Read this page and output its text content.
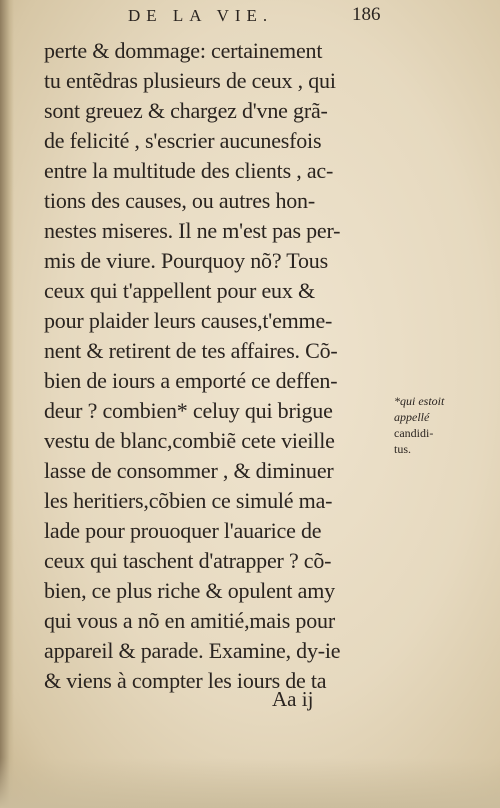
DE LA VIE.	186
perte & dommage: certainement
tu entẽdras plusieurs de ceux , qui
sont greuez & chargez d'vne grã-
de felicité , s'escrier aucunesfois
entre la multitude des clients , ac-
tions des causes, ou autres hon-
nestes miseres. Il ne m'est pas per-
mis de viure. Pourquoy nõ? Tous
ceux qui t'appellent pour eux &
pour plaider leurs causes,t'emme-
nent & retirent de tes affaires. Cõ-
bien de iours a emporté ce deffen-
deur ? combien* celuy qui brigue
vestu de blanc,combiẽ cete vieille
lasse de consommer , & diminuer
les heritiers,cõbien ce simulé ma-
lade pour prouoquer l'auarice de
ceux qui taschent d'atrapper ? cõ-
bien, ce plus riche & opulent amy
qui vous a nõ en amitié,mais pour
appareil & parade. Examine, dy-ie
& viens à compter les iours de ta
*qui estoit
appellé
candidi-
tus.
Aa ij
